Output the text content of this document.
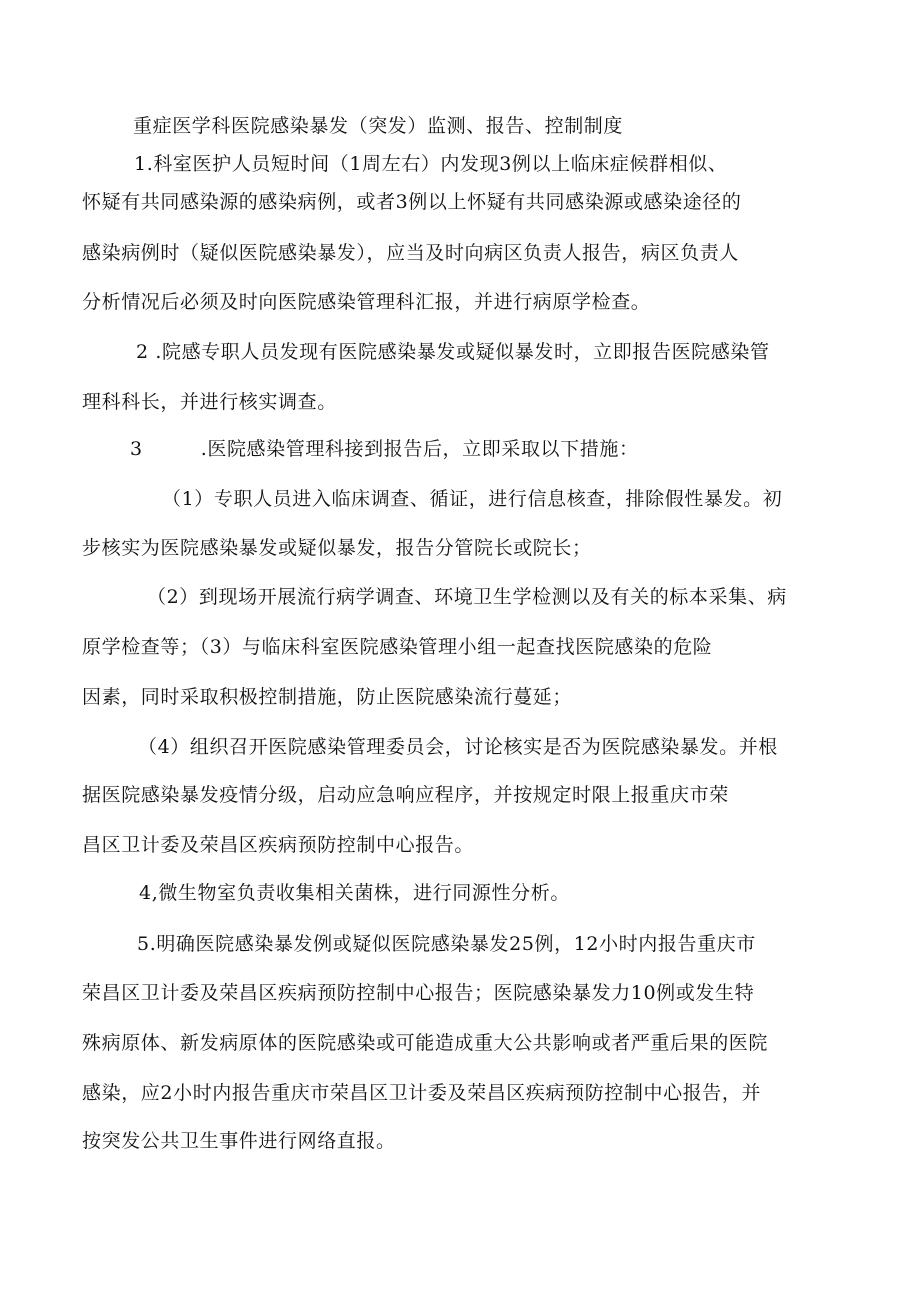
重症医学科医院感染暴发（突发）监测、报告、控制制度
1.科室医护人员短时间（1周左右）内发现3例以上临床症候群相似、
怀疑有共同感染源的感染病例，或者3例以上怀疑有共同感染源或感染途径的
感染病例时（疑似医院感染暴发），应当及时向病区负责人报告，病区负责人
分析情况后必须及时向医院感染管理科汇报，并进行病原学检查。
2 .院感专职人员发现有医院感染暴发或疑似暴发时，立即报告医院感染管
理科科长，并进行核实调查。
3	.医院感染管理科接到报告后，立即采取以下措施：
（1）专职人员进入临床调查、循证，进行信息核查，排除假性暴发。初
步核实为医院感染暴发或疑似暴发，报告分管院长或院长；
（2）到现场开展流行病学调查、环境卫生学检测以及有关的标本采集、病
原学检查等；（3）与临床科室医院感染管理小组一起查找医院感染的危险
因素，同时采取积极控制措施，防止医院感染流行蔓延；
（4）组织召开医院感染管理委员会，讨论核实是否为医院感染暴发。并根
据医院感染暴发疫情分级，启动应急响应程序，并按规定时限上报重庆市荣
昌区卫计委及荣昌区疾病预防控制中心报告。
4,微生物室负责收集相关菌株，进行同源性分析。
5.明确医院感染暴发例或疑似医院感染暴发25例，12小时内报告重庆市
荣昌区卫计委及荣昌区疾病预防控制中心报告；医院感染暴发力10例或发生特
殊病原体、新发病原体的医院感染或可能造成重大公共影响或者严重后果的医院
感染，应2小时内报告重庆市荣昌区卫计委及荣昌区疾病预防控制中心报告，并
按突发公共卫生事件进行网络直报。
